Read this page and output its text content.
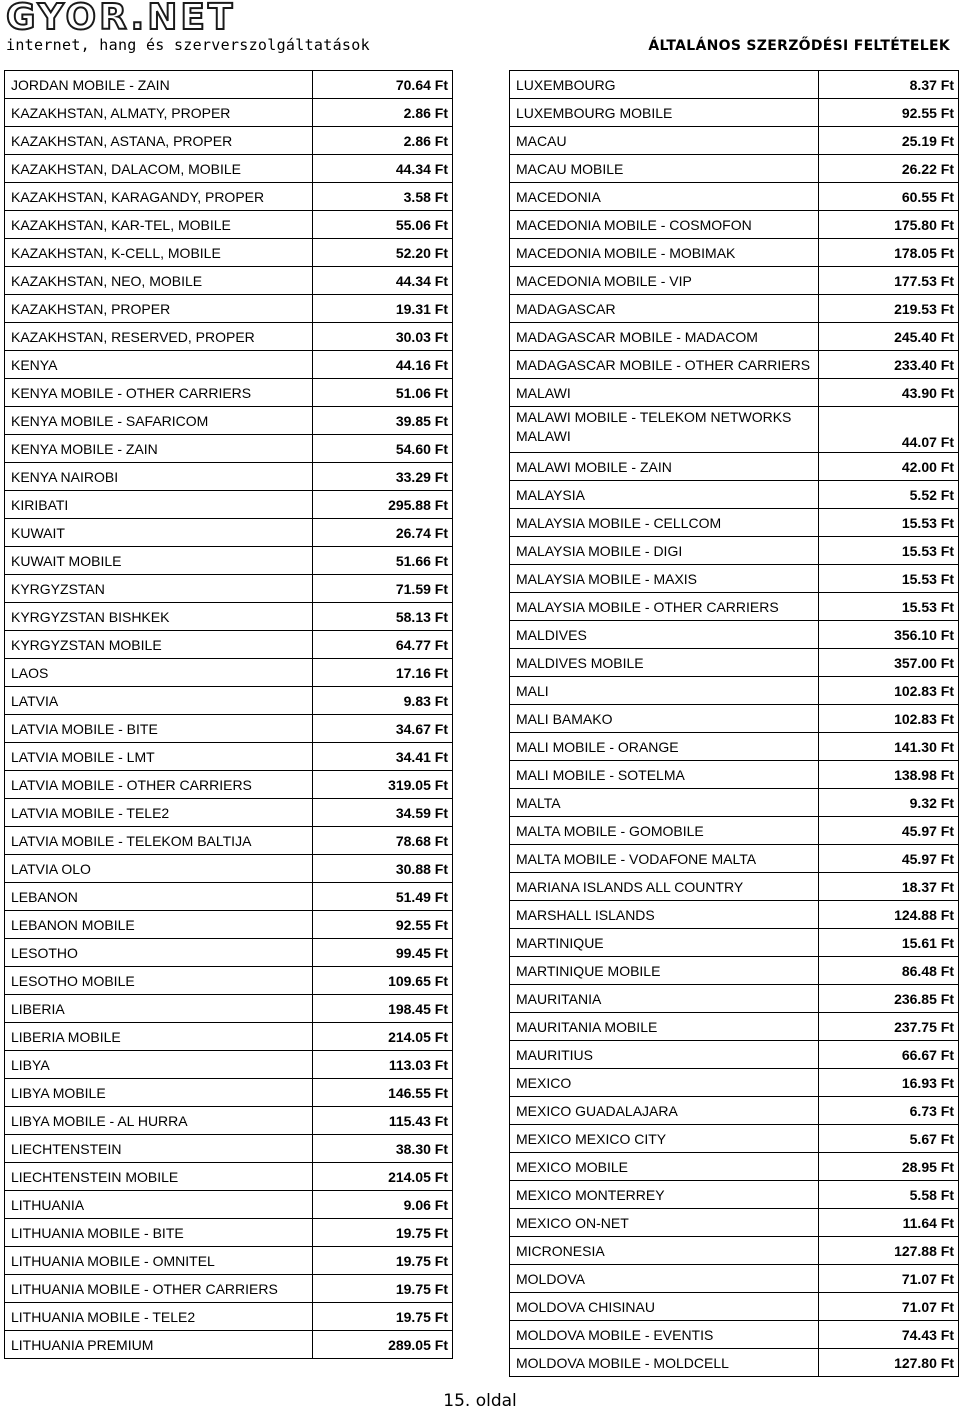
GYOR.NET
internet, hang és szerverszolgáltatások	ÁLTALÁNOS SZERZŐDÉSI FELTÉTELEK
JORDAN MOBILE - ZAIN	70.64 Ft
KAZAKHSTAN, ALMATY, PROPER	2.86 Ft
KAZAKHSTAN, ASTANA, PROPER	2.86 Ft
KAZAKHSTAN, DALACOM, MOBILE	44.34 Ft
KAZAKHSTAN, KARAGANDY, PROPER	3.58 Ft
KAZAKHSTAN, KAR-TEL, MOBILE	55.06 Ft
KAZAKHSTAN, K-CELL, MOBILE	52.20 Ft
KAZAKHSTAN, NEO, MOBILE	44.34 Ft
KAZAKHSTAN, PROPER	19.31 Ft
KAZAKHSTAN, RESERVED, PROPER	30.03 Ft
KENYA	44.16 Ft
KENYA MOBILE - OTHER CARRIERS	51.06 Ft
KENYA MOBILE - SAFARICOM	39.85 Ft
KENYA MOBILE - ZAIN	54.60 Ft
KENYA NAIROBI	33.29 Ft
KIRIBATI	295.88 Ft
KUWAIT	26.74 Ft
KUWAIT MOBILE	51.66 Ft
KYRGYZSTAN	71.59 Ft
KYRGYZSTAN BISHKEK	58.13 Ft
KYRGYZSTAN MOBILE	64.77 Ft
LAOS	17.16 Ft
LATVIA	9.83 Ft
LATVIA MOBILE - BITE	34.67 Ft
LATVIA MOBILE - LMT	34.41 Ft
LATVIA MOBILE - OTHER CARRIERS	319.05 Ft
LATVIA MOBILE - TELE2	34.59 Ft
LATVIA MOBILE - TELEKOM BALTIJA	78.68 Ft
LATVIA OLO	30.88 Ft
LEBANON	51.49 Ft
LEBANON MOBILE	92.55 Ft
LESOTHO	99.45 Ft
LESOTHO MOBILE	109.65 Ft
LIBERIA	198.45 Ft
LIBERIA MOBILE	214.05 Ft
LIBYA	113.03 Ft
LIBYA MOBILE	146.55 Ft
LIBYA MOBILE - AL HURRA	115.43 Ft
LIECHTENSTEIN	38.30 Ft
LIECHTENSTEIN MOBILE	214.05 Ft
LITHUANIA	9.06 Ft
LITHUANIA MOBILE - BITE	19.75 Ft
LITHUANIA MOBILE - OMNITEL	19.75 Ft
LITHUANIA MOBILE - OTHER CARRIERS	19.75 Ft
LITHUANIA MOBILE - TELE2	19.75 Ft
LITHUANIA PREMIUM	289.05 Ft
LUXEMBOURG	8.37 Ft
LUXEMBOURG MOBILE	92.55 Ft
MACAU	25.19 Ft
MACAU MOBILE	26.22 Ft
MACEDONIA	60.55 Ft
MACEDONIA MOBILE - COSMOFON	175.80 Ft
MACEDONIA MOBILE - MOBIMAK	178.05 Ft
MACEDONIA MOBILE - VIP	177.53 Ft
MADAGASCAR	219.53 Ft
MADAGASCAR MOBILE - MADACOM	245.40 Ft
MADAGASCAR MOBILE - OTHER CARRIERS	233.40 Ft
MALAWI	43.90 Ft
MALAWI MOBILE - TELEKOM NETWORKS MALAWI	44.07 Ft
MALAWI MOBILE - ZAIN	42.00 Ft
MALAYSIA	5.52 Ft
MALAYSIA MOBILE - CELLCOM	15.53 Ft
MALAYSIA MOBILE - DIGI	15.53 Ft
MALAYSIA MOBILE - MAXIS	15.53 Ft
MALAYSIA MOBILE - OTHER CARRIERS	15.53 Ft
MALDIVES	356.10 Ft
MALDIVES MOBILE	357.00 Ft
MALI	102.83 Ft
MALI BAMAKO	102.83 Ft
MALI MOBILE - ORANGE	141.30 Ft
MALI MOBILE - SOTELMA	138.98 Ft
MALTA	9.32 Ft
MALTA MOBILE - GOMOBILE	45.97 Ft
MALTA MOBILE - VODAFONE MALTA	45.97 Ft
MARIANA ISLANDS ALL COUNTRY	18.37 Ft
MARSHALL ISLANDS	124.88 Ft
MARTINIQUE	15.61 Ft
MARTINIQUE MOBILE	86.48 Ft
MAURITANIA	236.85 Ft
MAURITANIA MOBILE	237.75 Ft
MAURITIUS	66.67 Ft
MEXICO	16.93 Ft
MEXICO GUADALAJARA	6.73 Ft
MEXICO MEXICO CITY	5.67 Ft
MEXICO MOBILE	28.95 Ft
MEXICO MONTERREY	5.58 Ft
MEXICO ON-NET	11.64 Ft
MICRONESIA	127.88 Ft
MOLDOVA	71.07 Ft
MOLDOVA CHISINAU	71.07 Ft
MOLDOVA MOBILE - EVENTIS	74.43 Ft
MOLDOVA MOBILE - MOLDCELL	127.80 Ft
15. oldal
